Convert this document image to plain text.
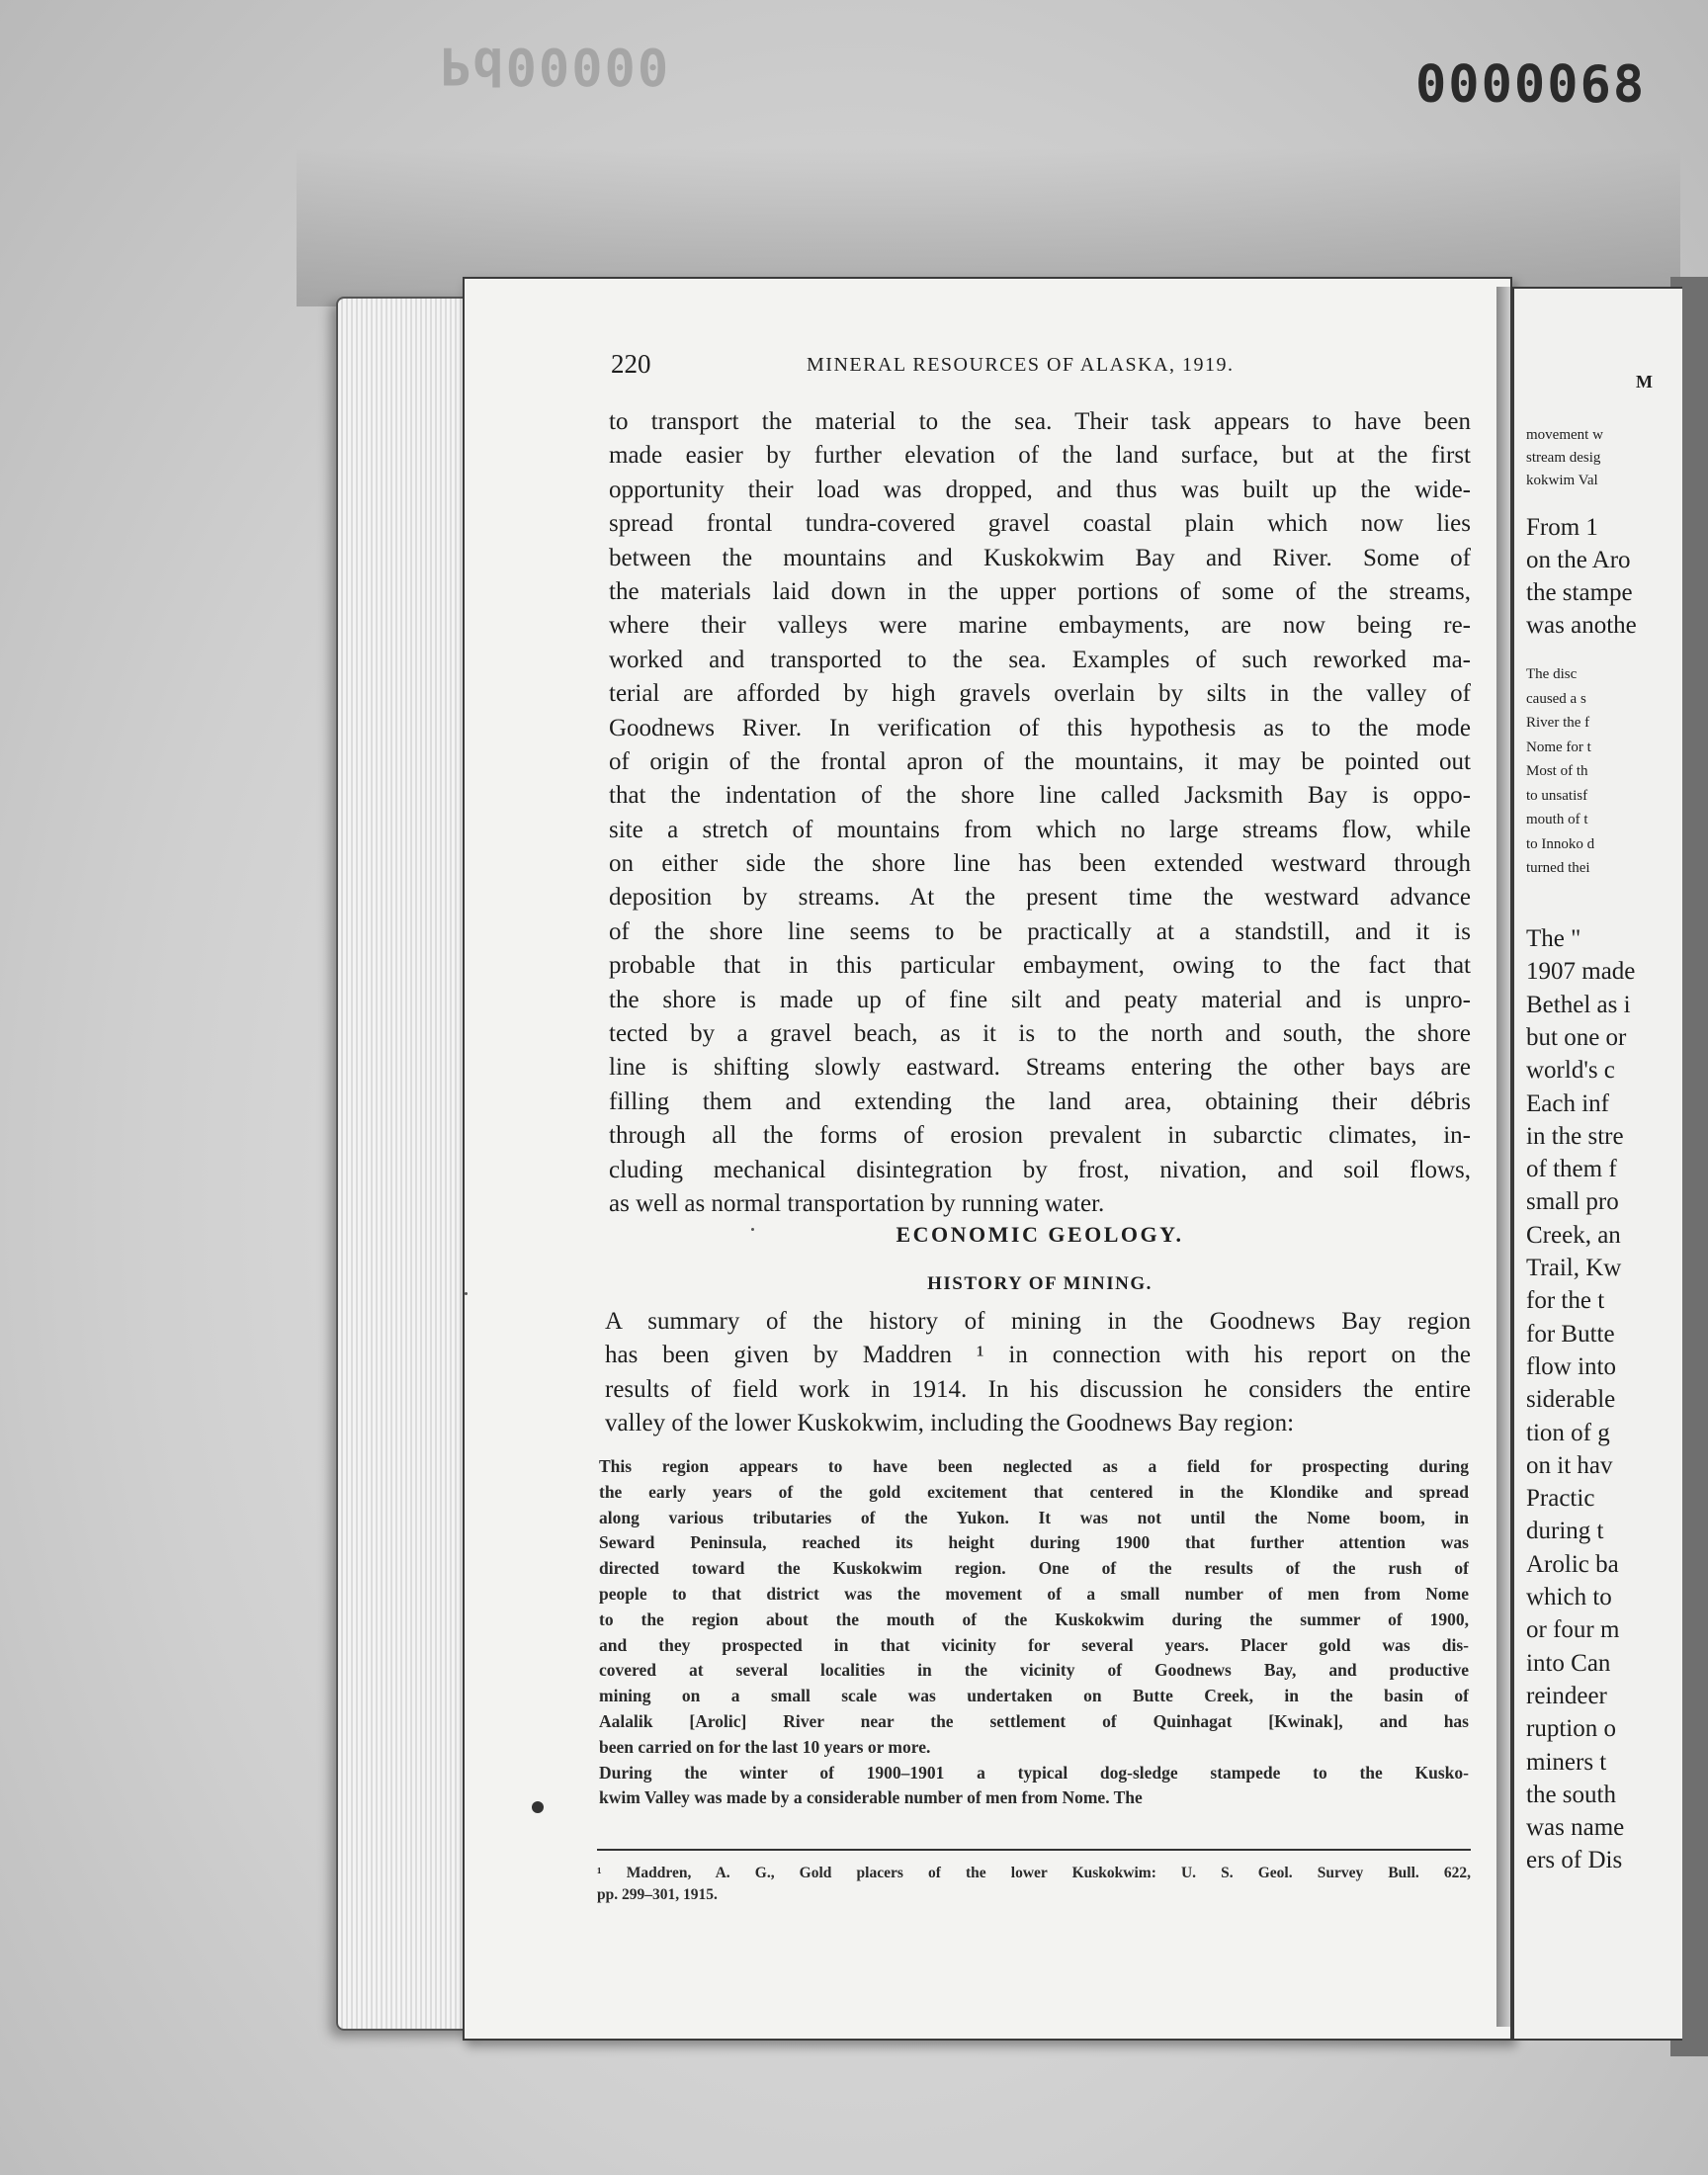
Pd00000	0000068
M
movement w
stream desig
kokwim Val
From 1
on the Aro
the stampe
was anothe
The disc
caused a s
River the f
Nome for t
Most of th
to unsatisf
mouth of t
to Innoko d
turned thei
The "
1907 made
Bethel as i
but one or
world's c
Each inf
in the stre
of them f
small pro
Creek, an
Trail, Kw
for the t
for Butte
flow into
siderable
tion of g
on it hav
Practic
during t
Arolic ba
which to
or four m
into Can
reindeer
ruption o
miners t
the south
was name
ers of Dis
220	MINERAL RESOURCES OF ALASKA, 1919.
to transport the material to the sea. Their task appears to have been
made easier by further elevation of the land surface, but at the first
opportunity their load was dropped, and thus was built up the wide-
spread frontal tundra-covered gravel coastal plain which now lies
between the mountains and Kuskokwim Bay and River. Some of
the materials laid down in the upper portions of some of the streams,
where their valleys were marine embayments, are now being re-
worked and transported to the sea. Examples of such reworked ma-
terial are afforded by high gravels overlain by silts in the valley of
Goodnews River. In verification of this hypothesis as to the mode
of origin of the frontal apron of the mountains, it may be pointed out
that the indentation of the shore line called Jacksmith Bay is oppo-
site a stretch of mountains from which no large streams flow, while
on either side the shore line has been extended westward through
deposition by streams. At the present time the westward advance
of the shore line seems to be practically at a standstill, and it is
probable that in this particular embayment, owing to the fact that
the shore is made up of fine silt and peaty material and is unpro-
tected by a gravel beach, as it is to the north and south, the shore
line is shifting slowly eastward. Streams entering the other bays are
filling them and extending the land area, obtaining their débris
through all the forms of erosion prevalent in subarctic climates, in-
cluding mechanical disintegration by frost, nivation, and soil flows,
as well as normal transportation by running water.
ECONOMIC GEOLOGY.
HISTORY OF MINING.
A summary of the history of mining in the Goodnews Bay region
has been given by Maddren ¹ in connection with his report on the
results of field work in 1914. In his discussion he considers the entire
valley of the lower Kuskokwim, including the Goodnews Bay region:
This region appears to have been neglected as a field for prospecting during
the early years of the gold excitement that centered in the Klondike and spread
along various tributaries of the Yukon. It was not until the Nome boom, in
Seward Peninsula, reached its height during 1900 that further attention was
directed toward the Kuskokwim region. One of the results of the rush of
people to that district was the movement of a small number of men from Nome
to the region about the mouth of the Kuskokwim during the summer of 1900,
and they prospected in that vicinity for several years. Placer gold was dis-
covered at several localities in the vicinity of Goodnews Bay, and productive
mining on a small scale was undertaken on Butte Creek, in the basin of
Aalalik [Arolic] River near the settlement of Quinhagat [Kwinak], and has
been carried on for the last 10 years or more.
During the winter of 1900–1901 a typical dog-sledge stampede to the Kusko-
kwim Valley was made by a considerable number of men from Nome. The
¹ Maddren, A. G., Gold placers of the lower Kuskokwim: U. S. Geol. Survey Bull. 622,
pp. 299–301, 1915.
